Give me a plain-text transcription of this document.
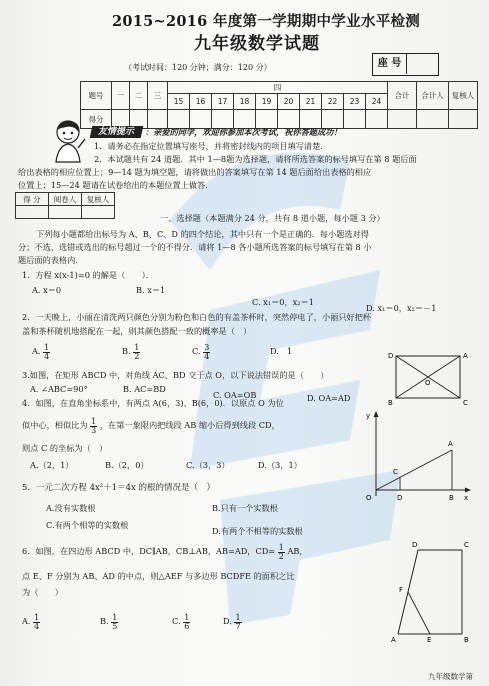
2015~2016 年度第一学期期中学业水平检测
九年级数学试题
座 号
（考试时间：120 分钟；满分：120 分）
题号	一	二	三	四										合计	合计人	复核人
				15	16	17	18	19	20	21	22	23	24			
得分																
友情提示	：亲爱的同学，欢迎你参加本次考试，祝你答题成功！
1．请务必在指定位置填写座号，并将密封线内的项目填写清楚．
2．本试题共有 24 道题．其中 1—8题为选择题，请将所选答案的标号填写在第 8 题后面
给出表格的相应位置上；9—14 题为填空题，请将做出的答案填写在第 14 题后面给出表格的相应
位置上；15—24 题请在试卷给出的本题位置上做答．
得 分	阅卷人	复核人

一、选择题（本题满分 24 分，共有 8 道小题，每小题 3 分）
下列每小题都给出标号为 A、B、C、D 的四个结论，其中只有一个是正确的．每小题选对得
分；不选、选错或选出的标号超过一个的不得分．请将 1—8 各小题所选答案的标号填写在第 8 小
题后面的表格内．
1．方程 x(x-1)=0 的解是（　　）．
A. x＝0	B. x＝1
C. x₁＝0，x₂＝1
D. x₁＝0，x₂＝－1
2．一天晚上，小丽在清洗两只颜色分别为粉色和白色的有盖茶杯时，突然停电了，小丽只好把杯
盖和茶杯随机地搭配在一起，则其颜色搭配一致的概率是（　）
A. $\frac{1}{4}$	B. $\frac{1}{2}$	C. $\frac{3}{4}$	D.　1
3.如图，在矩形 ABCD 中，对角线 AC、BD 交于点 O，以下说法错误的是（　　）
A. ∠ABC=90°	B. AC=BD
C. OA=OB	D. OA=AD
D	A
O
B	C
4．如图，在直角坐标系中，有两点 A(6，3)、B(6，0)．以原点 O 为位
似中心，相似比为 $\frac{1}{3}$ ，在第一象限内把线段 AB 缩小后得到线段 CD，
则点 C 的坐标为（　）
A.（2，1）	B.（2，0）	C.（3，3）	D.（3，1）
y
A
C
O	D	B x
5．一元二次方程 4x²＋1＝4x 的根的情况是（　）
A.没有实数根	B.只有一个实数根
C.有两个相等的实数根
D.有两个不相等的实数根
6．如图，在四边形 ABCD 中，DC∥AB，CB⊥AB，AB=AD，$CD= \frac{1}{2}$ AB，
点 E、F 分别为 AB、AD 的中点，则△AEF 与多边形 BCDFE 的面积之比
为（　　）
A. $\frac{1}{4}$	B. $\frac{1}{5}$	C. $\frac{1}{6}$	D. $\frac{1}{7}$
D	C
F
A	E	B
九年级数学第
